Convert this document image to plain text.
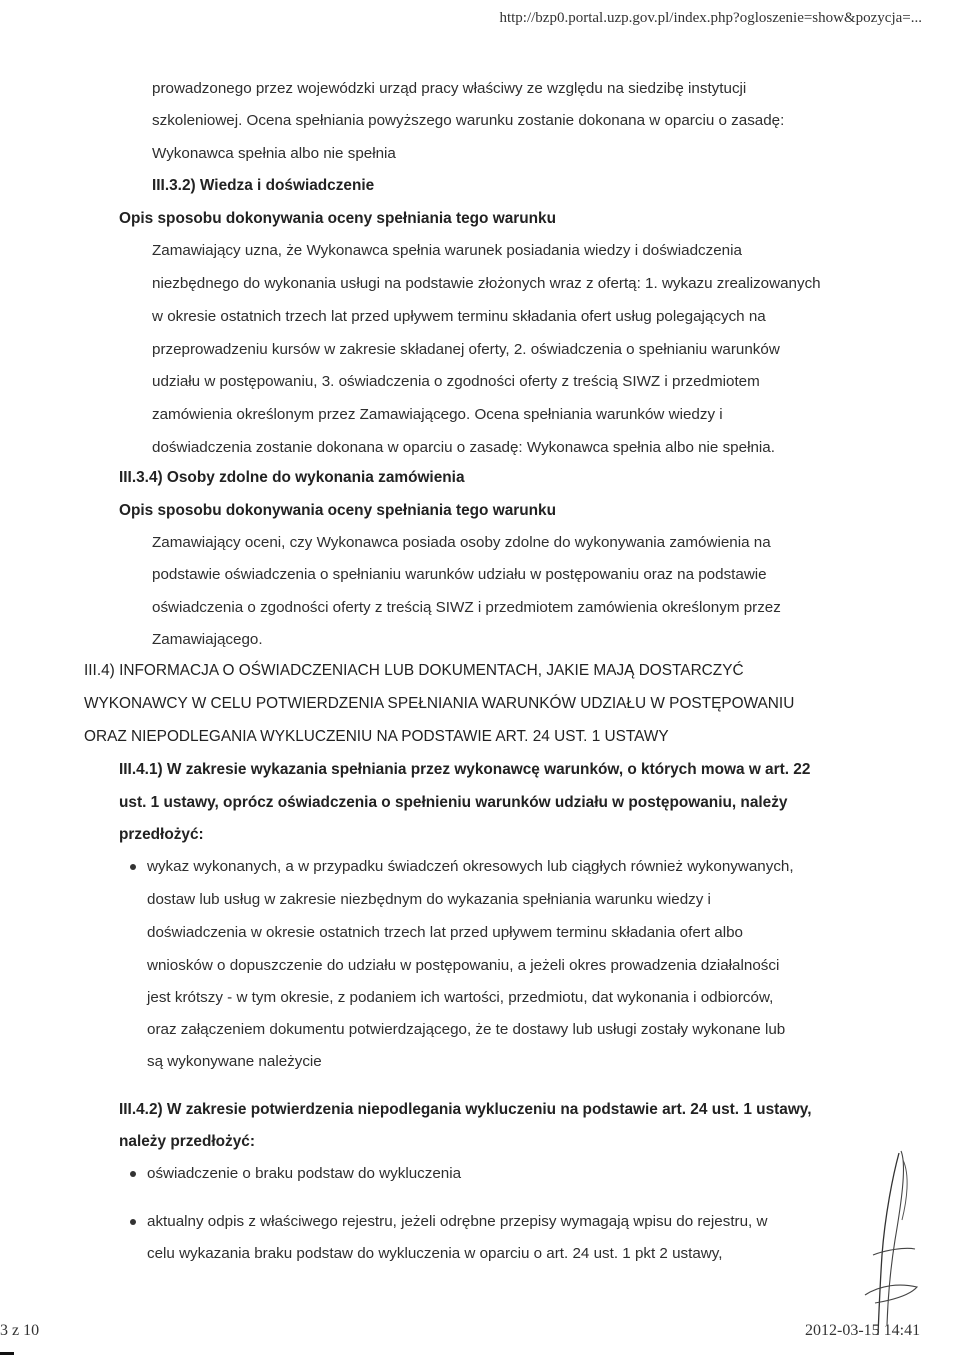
http://bzp0.portal.uzp.gov.pl/index.php?ogloszenie=show&pozycja=...
prowadzonego przez wojewódzki urząd pracy właściwy ze względu na siedzibę instytucji
szkoleniowej. Ocena spełniania powyższego warunku zostanie dokonana w oparciu o zasadę:
Wykonawca spełnia albo nie spełnia
III.3.2) Wiedza i doświadczenie
Opis sposobu dokonywania oceny spełniania tego warunku
Zamawiający uzna, że Wykonawca spełnia warunek posiadania wiedzy i doświadczenia
niezbędnego do wykonania usługi na podstawie złożonych wraz z ofertą: 1. wykazu zrealizowanych
w okresie ostatnich trzech lat przed upływem terminu składania ofert usług polegających na
przeprowadzeniu kursów w zakresie składanej oferty, 2. oświadczenia o spełnianiu warunków
udziału w postępowaniu, 3. oświadczenia o zgodności oferty z treścią SIWZ i przedmiotem
zamówienia określonym przez Zamawiającego. Ocena spełniania warunków wiedzy i
doświadczenia zostanie dokonana w oparciu o zasadę: Wykonawca spełnia albo nie spełnia.
III.3.4) Osoby zdolne do wykonania zamówienia
Opis sposobu dokonywania oceny spełniania tego warunku
Zamawiający oceni, czy Wykonawca posiada osoby zdolne do wykonywania zamówienia na
podstawie oświadczenia o spełnianiu warunków udziału w postępowaniu oraz na podstawie
oświadczenia o zgodności oferty z treścią SIWZ i przedmiotem zamówienia określonym przez
Zamawiającego.
III.4) INFORMACJA O OŚWIADCZENIACH LUB DOKUMENTACH, JAKIE MAJĄ DOSTARCZYĆ
WYKONAWCY W CELU POTWIERDZENIA SPEŁNIANIA WARUNKÓW UDZIAŁU W POSTĘPOWANIU
ORAZ NIEPODLEGANIA WYKLUCZENIU NA PODSTAWIE ART. 24 UST. 1 USTAWY
III.4.1) W zakresie wykazania spełniania przez wykonawcę warunków, o których mowa w art. 22
ust. 1 ustawy, oprócz oświadczenia o spełnieniu warunków udziału w postępowaniu, należy
przedłożyć:
wykaz wykonanych, a w przypadku świadczeń okresowych lub ciągłych również wykonywanych,
dostaw lub usług w zakresie niezbędnym do wykazania spełniania warunku wiedzy i
doświadczenia w okresie ostatnich trzech lat przed upływem terminu składania ofert albo
wniosków o dopuszczenie do udziału w postępowaniu, a jeżeli okres prowadzenia działalności
jest krótszy - w tym okresie, z podaniem ich wartości, przedmiotu, dat wykonania i odbiorców,
oraz załączeniem dokumentu potwierdzającego, że te dostawy lub usługi zostały wykonane lub
są wykonywane należycie
III.4.2) W zakresie potwierdzenia niepodlegania wykluczeniu na podstawie art. 24 ust. 1 ustawy,
należy przedłożyć:
oświadczenie o braku podstaw do wykluczenia
aktualny odpis z właściwego rejestru, jeżeli odrębne przepisy wymagają wpisu do rejestru, w
celu wykazania braku podstaw do wykluczenia w oparciu o art. 24 ust. 1 pkt 2 ustawy,
3 z 10	2012-03-15 14:41
